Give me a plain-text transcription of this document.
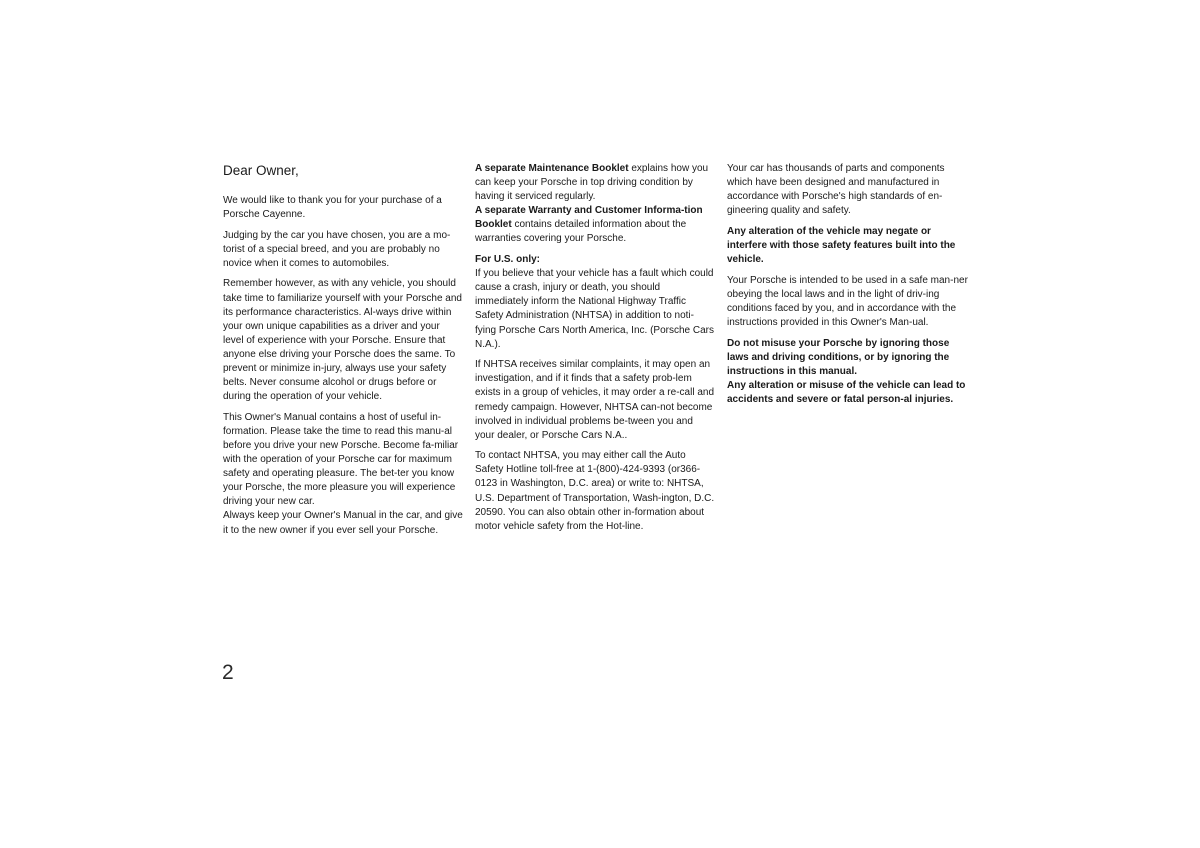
Dear Owner,

We would like to thank you for your purchase of a Porsche Cayenne.

Judging by the car you have chosen, you are a mo-torist of a special breed, and you are probably no novice when it comes to automobiles.

Remember however, as with any vehicle, you should take time to familiarize yourself with your Porsche and its performance characteristics. Al-ways drive within your own unique capabilities as a driver and your level of experience with your Porsche. Ensure that anyone else driving your Porsche does the same. To prevent or minimize in-jury, always use your safety belts. Never consume alcohol or drugs before or during the operation of your vehicle.

This Owner's Manual contains a host of useful in-formation. Please take the time to read this manu-al before you drive your new Porsche. Become fa-miliar with the operation of your Porsche car for maximum safety and operating pleasure. The bet-ter you know your Porsche, the more pleasure you will experience driving your new car.

Always keep your Owner's Manual in the car, and give it to the new owner if you ever sell your Porsche.

A separate Maintenance Booklet explains how you can keep your Porsche in top driving condition by having it serviced regularly.

A separate Warranty and Customer Informa-tion Booklet contains detailed information about the warranties covering your Porsche.

For U.S. only:

If you believe that your vehicle has a fault which could cause a crash, injury or death, you should immediately inform the National Highway Traffic Safety Administration (NHTSA) in addition to noti-fying Porsche Cars North America, Inc. (Porsche Cars N.A.).

If NHTSA receives similar complaints, it may open an investigation, and if it finds that a safety prob-lem exists in a group of vehicles, it may order a re-call and remedy campaign. However, NHTSA can-not become involved in individual problems be-tween you and your dealer, or Porsche Cars N.A..

To contact NHTSA, you may either call the Auto Safety Hotline toll-free at 1-(800)-424-9393 (or366-0123 in Washington, D.C. area) or write to: NHTSA, U.S. Department of Transportation, Wash-ington, D.C. 20590. You can also obtain other in-formation about motor vehicle safety from the Hot-line.

Your car has thousands of parts and components which have been designed and manufactured in accordance with Porsche's high standards of en-gineering quality and safety.

Any alteration of the vehicle may negate or interfere with those safety features built into the vehicle.

Your Porsche is intended to be used in a safe man-ner obeying the local laws and in the light of driv-ing conditions faced by you, and in accordance with the instructions provided in this Owner's Man-ual.

Do not misuse your Porsche by ignoring those laws and driving conditions, or by ignoring the instructions in this manual.

Any alteration or misuse of the vehicle can lead to accidents and severe or fatal person-al injuries.

2
